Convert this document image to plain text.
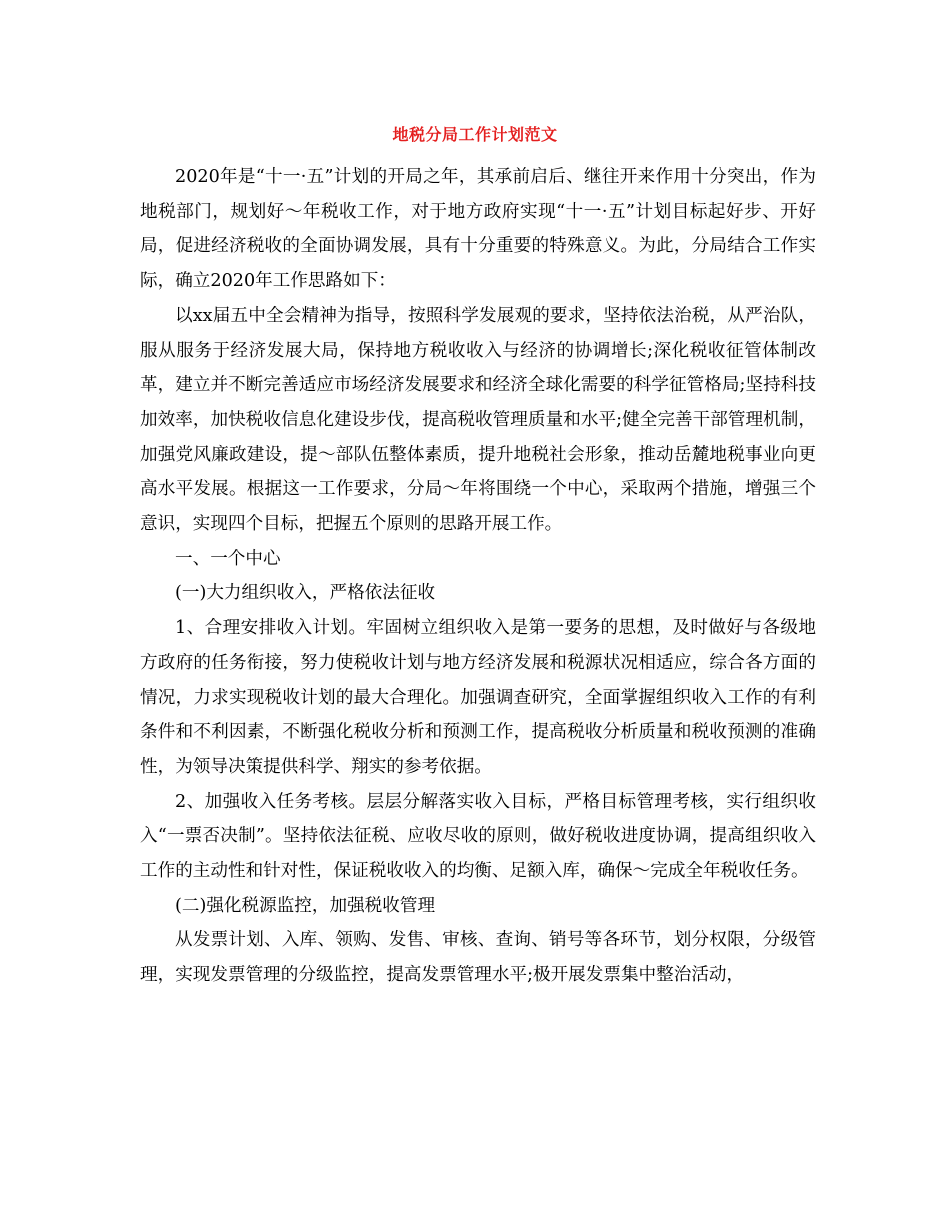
地税分局工作计划范文

2020年是“十一·五”计划的开局之年，其承前启后、继往开来作用十分突出，作为地税部门，规划好～年税收工作，对于地方政府实现“十一·五”计划目标起好步、开好局，促进经济税收的全面协调发展，具有十分重要的特殊意义。为此，分局结合工作实际，确立2020年工作思路如下：

以xx届五中全会精神为指导，按照科学发展观的要求，坚持依法治税，从严治队，服从服务于经济发展大局，保持地方税收收入与经济的协调增长;深化税收征管体制改革，建立并不断完善适应市场经济发展要求和经济全球化需要的科学征管格局;坚持科技加效率，加快税收信息化建设步伐，提高税收管理质量和水平;健全完善干部管理机制，加强党风廉政建设，提～部队伍整体素质，提升地税社会形象，推动岳麓地税事业向更高水平发展。根据这一工作要求，分局～年将围绕一个中心，采取两个措施，增强三个意识，实现四个目标，把握五个原则的思路开展工作。

一、一个中心

(一)大力组织收入，严格依法征收

1、合理安排收入计划。牢固树立组织收入是第一要务的思想，及时做好与各级地方政府的任务衔接，努力使税收计划与地方经济发展和税源状况相适应，综合各方面的情况，力求实现税收计划的最大合理化。加强调查研究，全面掌握组织收入工作的有利条件和不利因素，不断强化税收分析和预测工作，提高税收分析质量和税收预测的准确性，为领导决策提供科学、翔实的参考依据。

2、加强收入任务考核。层层分解落实收入目标，严格目标管理考核，实行组织收入“一票否决制”。坚持依法征税、应收尽收的原则，做好税收进度协调，提高组织收入工作的主动性和针对性，保证税收收入的均衡、足额入库，确保～完成全年税收任务。

(二)强化税源监控，加强税收管理

从发票计划、入库、领购、发售、审核、查询、销号等各环节，划分权限，分级管理，实现发票管理的分级监控，提高发票管理水平;极开展发票集中整治活动，
